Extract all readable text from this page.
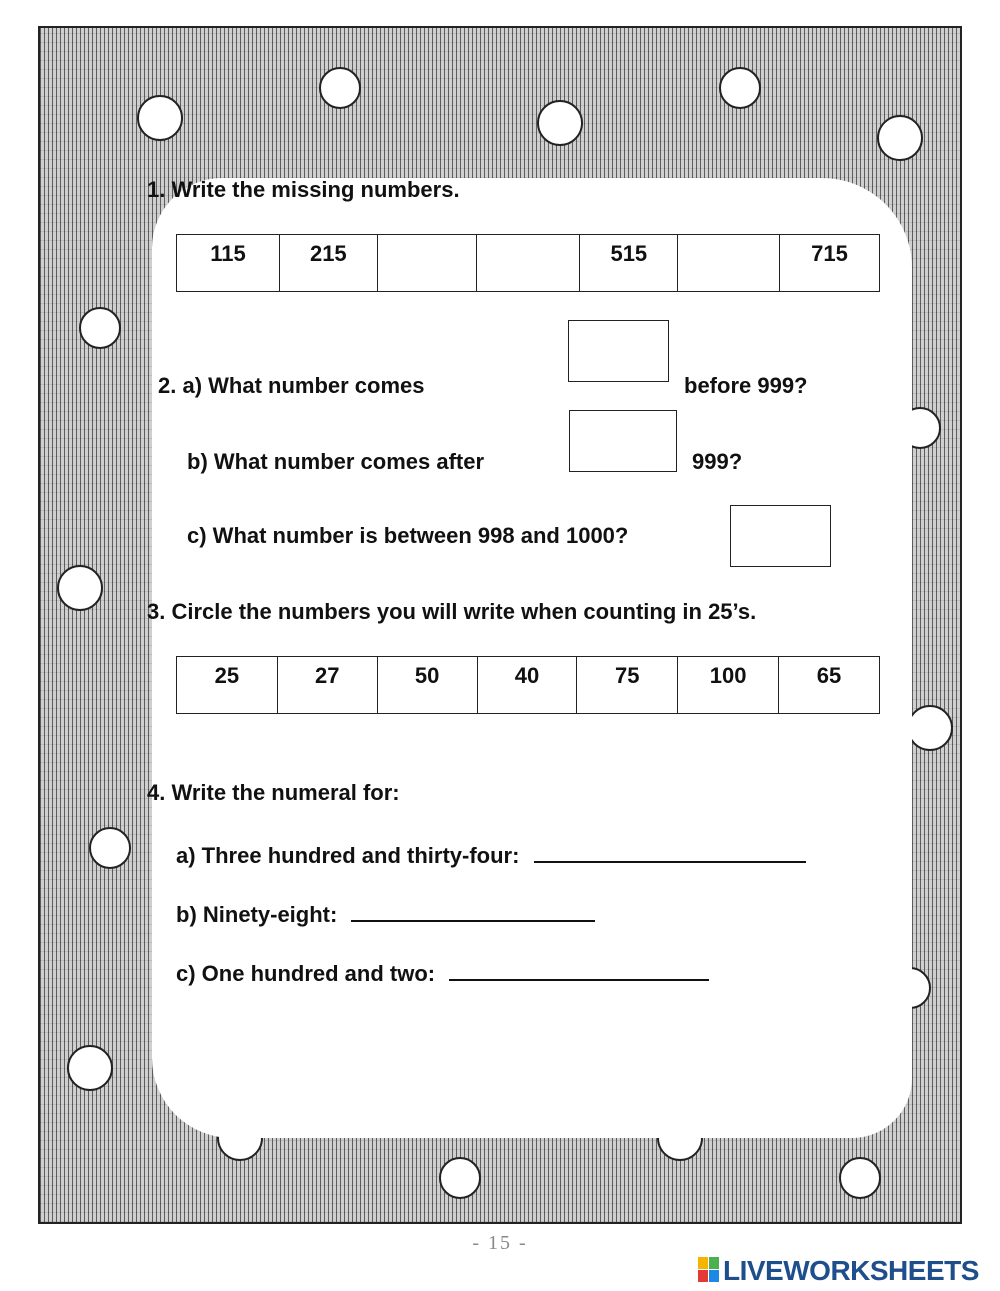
1. Write the missing numbers.
115	215			515		715
2. a) What number comes	before 999?
b) What number comes after	999?
c) What number is between 998 and 1000?
3. Circle the numbers you will write when counting in 25’s.
25	27	50	40	75	100	65
4. Write the numeral for:
a) Three hundred and thirty-four:
b) Ninety-eight:
c) One hundred and two:
- 15 -
LIVEWORKSHEETS
